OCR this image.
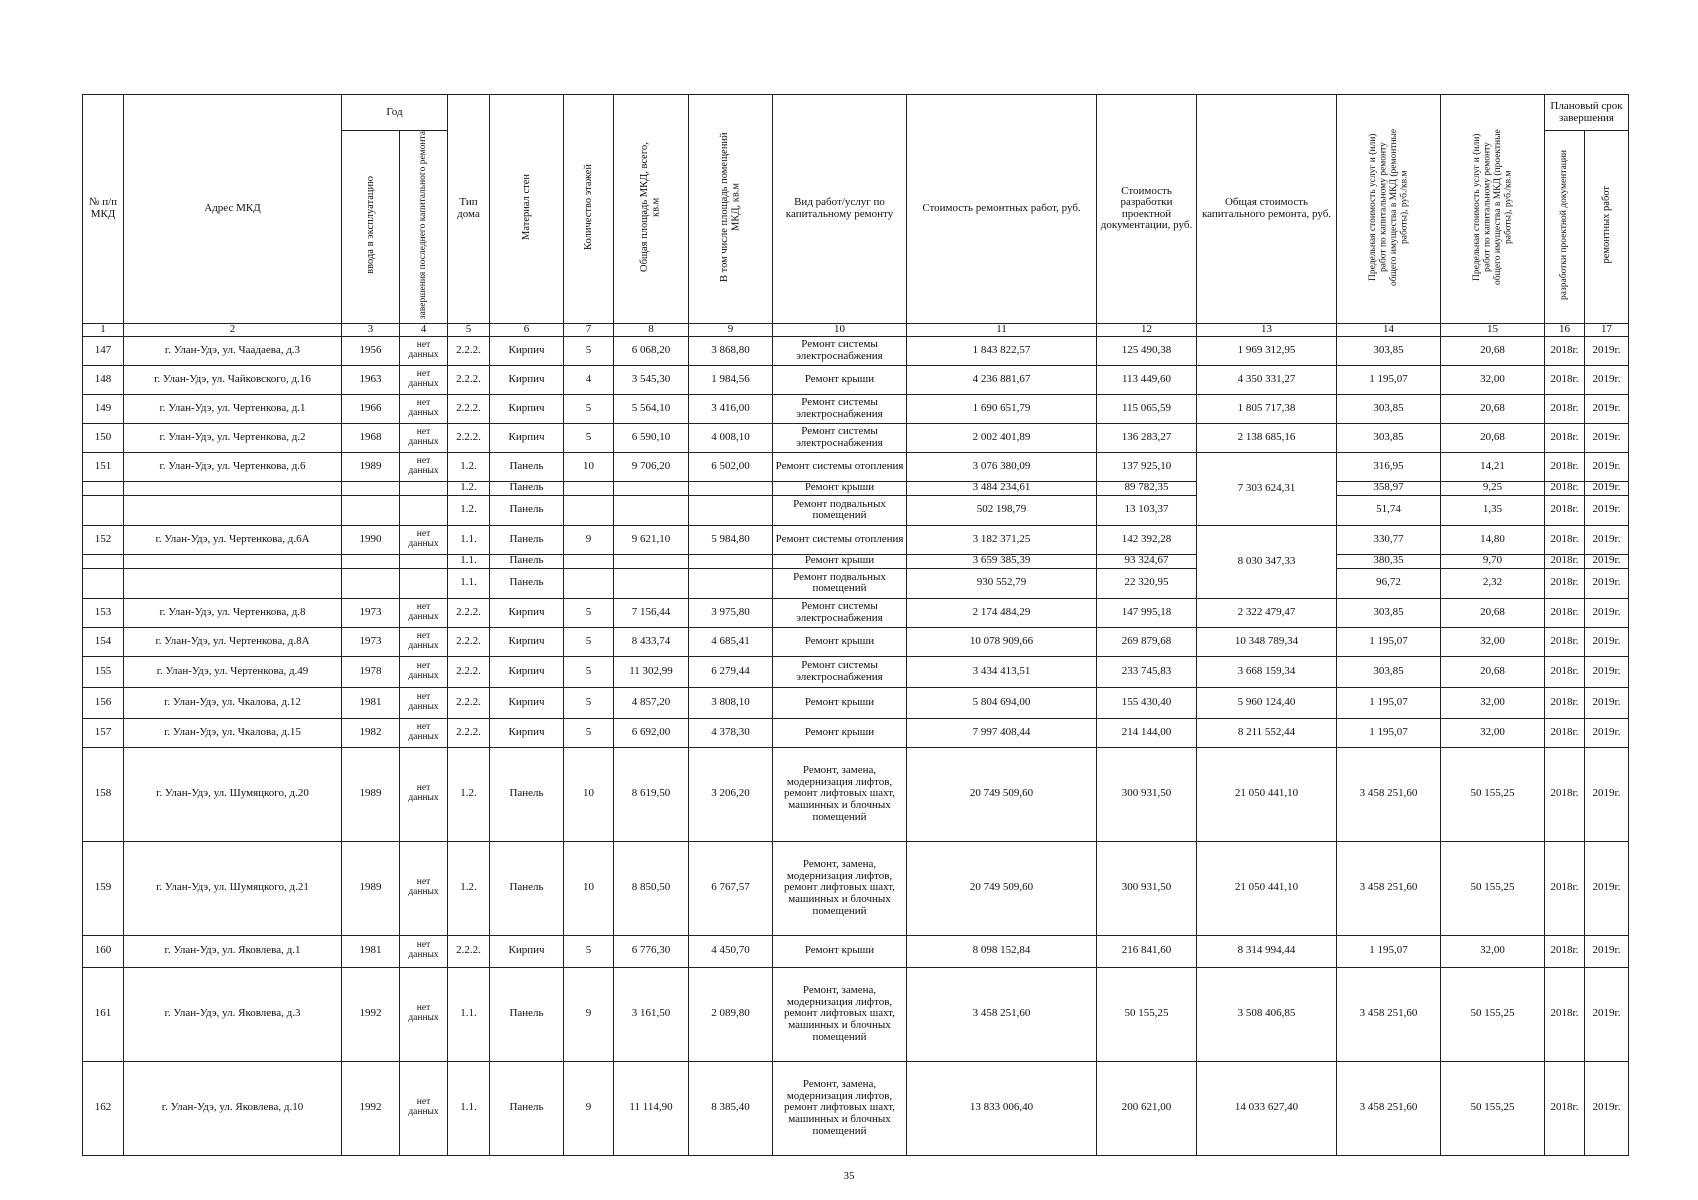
№ п/п МКД	Адрес МКД	Год		Тип дома	Материал стен	Количество этажей	Общая площадь МКД, всего, кв.м	В том числе площадь помещений МКД, кв.м	Вид работ/услуг по капитальному ремонту	Стоимость ремонтных работ, руб.	Стоимость разработки проектной документации, руб.	Общая стоимость капитального ремонта, руб.	Предельная стоимость услуг и (или) работ по капитальному ремонту общего имущества в МКД (ремонтные работы), руб./кв.м	Предельная стоимость услуг и (или) работ по капитальному ремонту общего имущества в МКД (проектные работы), руб./кв.м	Плановый срок завершения	
		ввода в эксплуатацию	завершения последнего капитального ремонта												разработки проектной документации	ремонтных работ
1	2	3	4	5	6	7	8	9	10	11	12	13	14	15	16	17
147	г. Улан-Удэ, ул. Чаадаева, д.3	1956	нет данных	2.2.2.	Кирпич	5	6 068,20	3 868,80	Ремонт системы электроснабжения	1 843 822,57	125 490,38	1 969 312,95	303,85	20,68	2018г.	2019г.
148	г. Улан-Удэ, ул. Чайковского, д.16	1963	нет данных	2.2.2.	Кирпич	4	3 545,30	1 984,56	Ремонт крыши	4 236 881,67	113 449,60	4 350 331,27	1 195,07	32,00	2018г.	2019г.
149	г. Улан-Удэ, ул. Чертенкова, д.1	1966	нет данных	2.2.2.	Кирпич	5	5 564,10	3 416,00	Ремонт системы электроснабжения	1 690 651,79	115 065,59	1 805 717,38	303,85	20,68	2018г.	2019г.
150	г. Улан-Удэ, ул. Чертенкова, д.2	1968	нет данных	2.2.2.	Кирпич	5	6 590,10	4 008,10	Ремонт системы электроснабжения	2 002 401,89	136 283,27	2 138 685,16	303,85	20,68	2018г.	2019г.
151	г. Улан-Удэ, ул. Чертенкова, д.6	1989	нет данных	1.2.	Панель	10	9 706,20	6 502,00	Ремонт системы отопления	3 076 380,09	137 925,10	7 303 624,31	316,95	14,21	2018г.	2019г.
				1.2.	Панель				Ремонт крыши	3 484 234,61	89 782,35		358,97	9,25	2018г.	2019г.
				1.2.	Панель				Ремонт подвальных помещений	502 198,79	13 103,37		51,74	1,35	2018г.	2019г.
152	г. Улан-Удэ, ул. Чертенкова, д.6А	1990	нет данных	1.1.	Панель	9	9 621,10	5 984,80	Ремонт системы отопления	3 182 371,25	142 392,28	8 030 347,33	330,77	14,80	2018г.	2019г.
				1.1.	Панель				Ремонт крыши	3 659 385,39	93 324,67		380,35	9,70	2018г.	2019г.
				1.1.	Панель				Ремонт подвальных помещений	930 552,79	22 320,95		96,72	2,32	2018г.	2019г.
153	г. Улан-Удэ, ул. Чертенкова, д.8	1973	нет данных	2.2.2.	Кирпич	5	7 156,44	3 975,80	Ремонт системы электроснабжения	2 174 484,29	147 995,18	2 322 479,47	303,85	20,68	2018г.	2019г.
154	г. Улан-Удэ, ул. Чертенкова, д.8А	1973	нет данных	2.2.2.	Кирпич	5	8 433,74	4 685,41	Ремонт крыши	10 078 909,66	269 879,68	10 348 789,34	1 195,07	32,00	2018г.	2019г.
155	г. Улан-Удэ, ул. Чертенкова, д.49	1978	нет данных	2.2.2.	Кирпич	5	11 302,99	6 279,44	Ремонт системы электроснабжения	3 434 413,51	233 745,83	3 668 159,34	303,85	20,68	2018г.	2019г.
156	г. Улан-Удэ, ул. Чкалова, д.12	1981	нет данных	2.2.2.	Кирпич	5	4 857,20	3 808,10	Ремонт крыши	5 804 694,00	155 430,40	5 960 124,40	1 195,07	32,00	2018г.	2019г.
157	г. Улан-Удэ, ул. Чкалова, д.15	1982	нет данных	2.2.2.	Кирпич	5	6 692,00	4 378,30	Ремонт крыши	7 997 408,44	214 144,00	8 211 552,44	1 195,07	32,00	2018г.	2019г.
158	г. Улан-Удэ, ул. Шумяцкого, д.20	1989	нет данных	1.2.	Панель	10	8 619,50	3 206,20	Ремонт, замена, модернизация лифтов, ремонт лифтовых шахт, машинных и блочных помещений	20 749 509,60	300 931,50	21 050 441,10	3 458 251,60	50 155,25	2018г.	2019г.
159	г. Улан-Удэ, ул. Шумяцкого, д.21	1989	нет данных	1.2.	Панель	10	8 850,50	6 767,57	Ремонт, замена, модернизация лифтов, ремонт лифтовых шахт, машинных и блочных помещений	20 749 509,60	300 931,50	21 050 441,10	3 458 251,60	50 155,25	2018г.	2019г.
160	г. Улан-Удэ, ул. Яковлева, д.1	1981	нет данных	2.2.2.	Кирпич	5	6 776,30	4 450,70	Ремонт крыши	8 098 152,84	216 841,60	8 314 994,44	1 195,07	32,00	2018г.	2019г.
161	г. Улан-Удэ, ул. Яковлева, д.3	1992	нет данных	1.1.	Панель	9	3 161,50	2 089,80	Ремонт, замена, модернизация лифтов, ремонт лифтовых шахт, машинных и блочных помещений	3 458 251,60	50 155,25	3 508 406,85	3 458 251,60	50 155,25	2018г.	2019г.
162	г. Улан-Удэ, ул. Яковлева, д.10	1992	нет данных	1.1.	Панель	9	11 114,90	8 385,40	Ремонт, замена, модернизация лифтов, ремонт лифтовых шахт, машинных и блочных помещений	13 833 006,40	200 621,00	14 033 627,40	3 458 251,60	50 155,25	2018г.	2019г.
35
